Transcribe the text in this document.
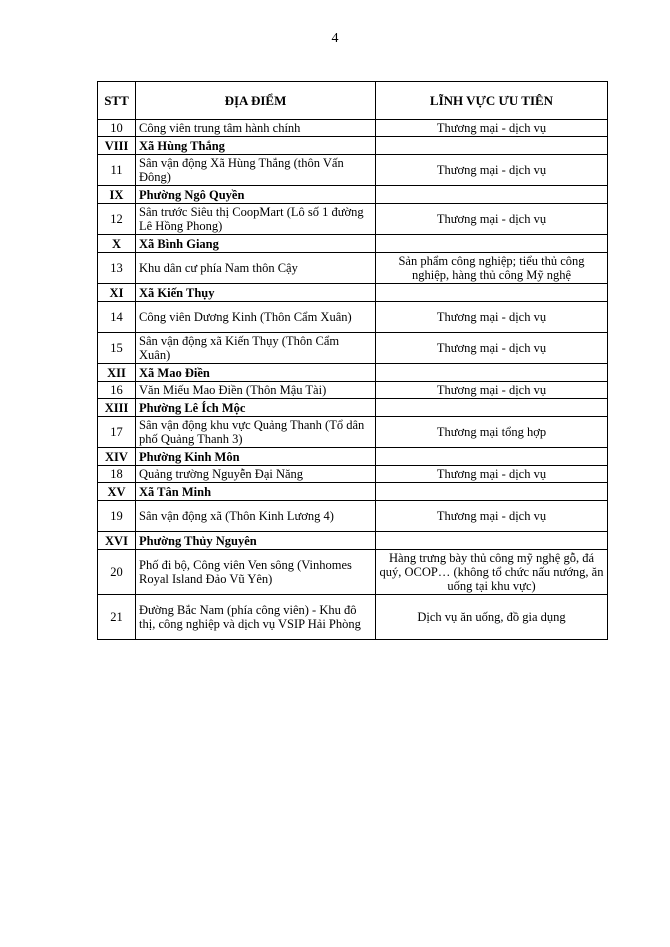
4
STT	ĐỊA ĐIỂM	LĨNH VỰC ƯU TIÊN
10	Công viên trung tâm hành chính	Thương mại - dịch vụ
VIII	Xã Hùng Thắng	
11	Sân vận động Xã Hùng Thắng (thôn Vấn Đông)	Thương mại - dịch vụ
IX	Phường Ngô Quyền	
12	Sân trước Siêu thị CoopMart (Lô số 1 đường Lê Hồng Phong)	Thương mại - dịch vụ
X	Xã Bình Giang	
13	Khu dân cư phía Nam thôn Cậy	Sản phẩm công nghiệp; tiểu thủ công nghiệp, hàng thủ công Mỹ nghệ
XI	Xã Kiến Thụy	
14	Công viên Dương Kinh (Thôn Cẩm Xuân)	Thương mại - dịch vụ
15	Sân vận động xã Kiến Thụy (Thôn Cẩm Xuân)	Thương mại - dịch vụ
XII	Xã Mao Điền	
16	Văn Miếu Mao Điền (Thôn Mậu Tài)	Thương mại - dịch vụ
XIII	Phường Lê Ích Mộc	
17	Sân vận động khu vực Quảng Thanh (Tổ dân phố Quảng Thanh 3)	Thương mại tổng hợp
XIV	Phường Kinh Môn	
18	Quảng trường Nguyễn Đại Năng	Thương mại - dịch vụ
XV	Xã Tân Minh	
19	Sân vận động xã (Thôn Kinh Lương 4)	Thương mại - dịch vụ
XVI	Phường Thủy Nguyên	
20	Phố đi bộ, Công viên Ven sông (Vinhomes Royal Island Đảo Vũ Yên)	Hàng trưng bày thủ công mỹ nghệ gỗ, đá quý, OCOP… (không tổ chức nấu nướng, ăn uống tại khu vực)
21	Đường Bắc Nam (phía công viên) - Khu đô thị, công nghiệp và dịch vụ VSIP Hải Phòng	Dịch vụ ăn uống, đồ gia dụng
